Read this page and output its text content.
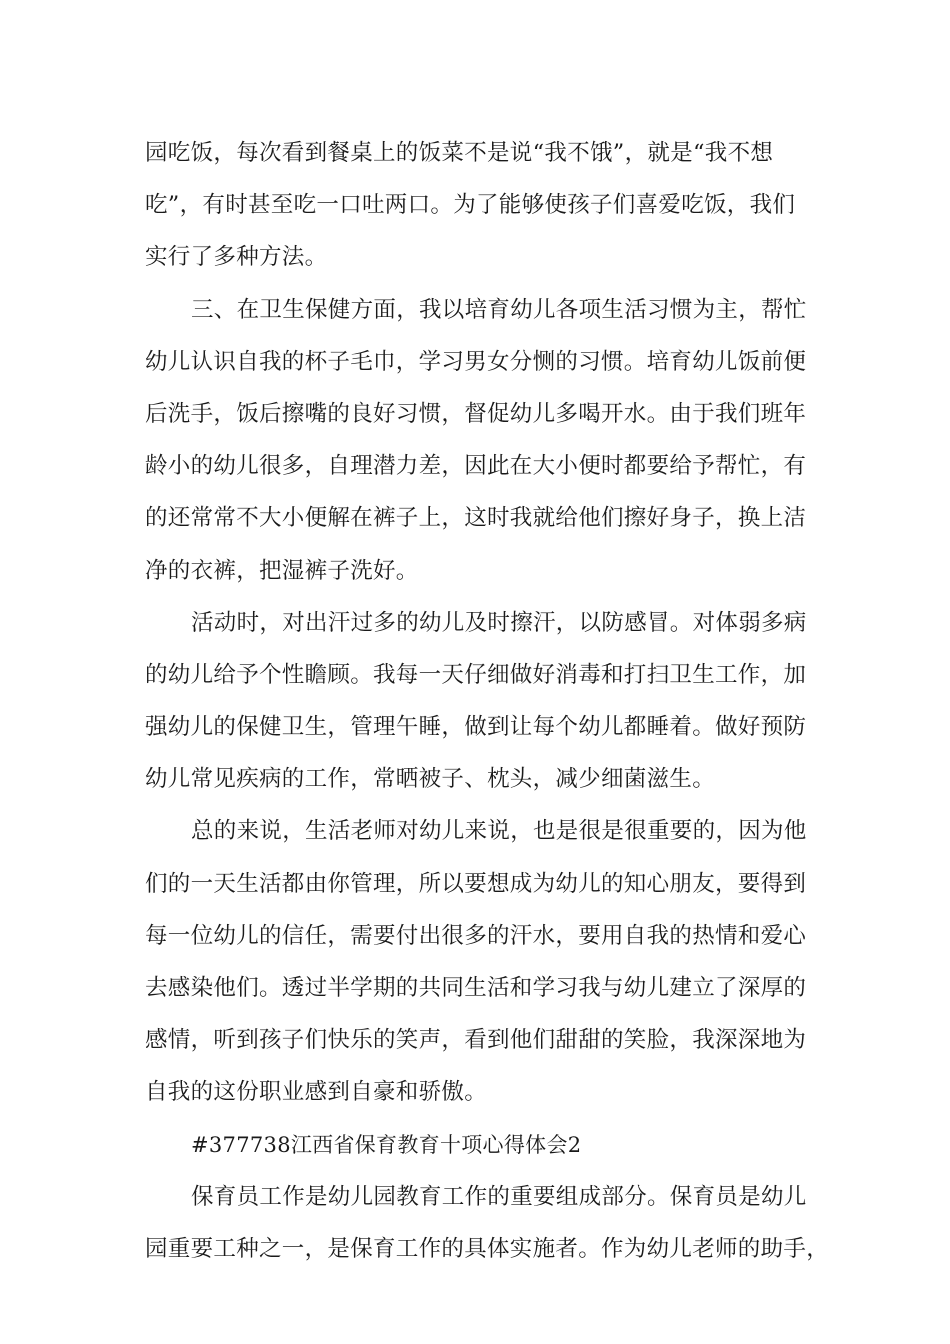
园吃饭，每次看到餐桌上的饭菜不是说“我不饿”，就是“我不想
吃”，有时甚至吃一口吐两口。为了能够使孩子们喜爱吃饭，我们
实行了多种方法。
三、在卫生保健方面，我以培育幼儿各项生活习惯为主，帮忙
幼儿认识自我的杯子毛巾，学习男女分恻的习惯。培育幼儿饭前便
后洗手，饭后擦嘴的良好习惯，督促幼儿多喝开水。由于我们班年
龄小的幼儿很多，自理潜力差，因此在大小便时都要给予帮忙，有
的还常常不大小便解在裤子上，这时我就给他们擦好身子，换上洁
净的衣裤，把湿裤子洗好。
活动时，对出汗过多的幼儿及时擦汗，以防感冒。对体弱多病
的幼儿给予个性瞻顾。我每一天仔细做好消毒和打扫卫生工作，加
强幼儿的保健卫生，管理午睡，做到让每个幼儿都睡着。做好预防
幼儿常见疾病的工作，常晒被子、枕头，减少细菌滋生。
总的来说，生活老师对幼儿来说，也是很是很重要的，因为他
们的一天生活都由你管理，所以要想成为幼儿的知心朋友，要得到
每一位幼儿的信任，需要付出很多的汗水，要用自我的热情和爱心
去感染他们。透过半学期的共同生活和学习我与幼儿建立了深厚的
感情，听到孩子们快乐的笑声，看到他们甜甜的笑脸，我深深地为
自我的这份职业感到自豪和骄傲。
#377738江西省保育教育十项心得体会2
保育员工作是幼儿园教育工作的重要组成部分。保育员是幼儿
园重要工种之一，是保育工作的具体实施者。作为幼儿老师的助手，
